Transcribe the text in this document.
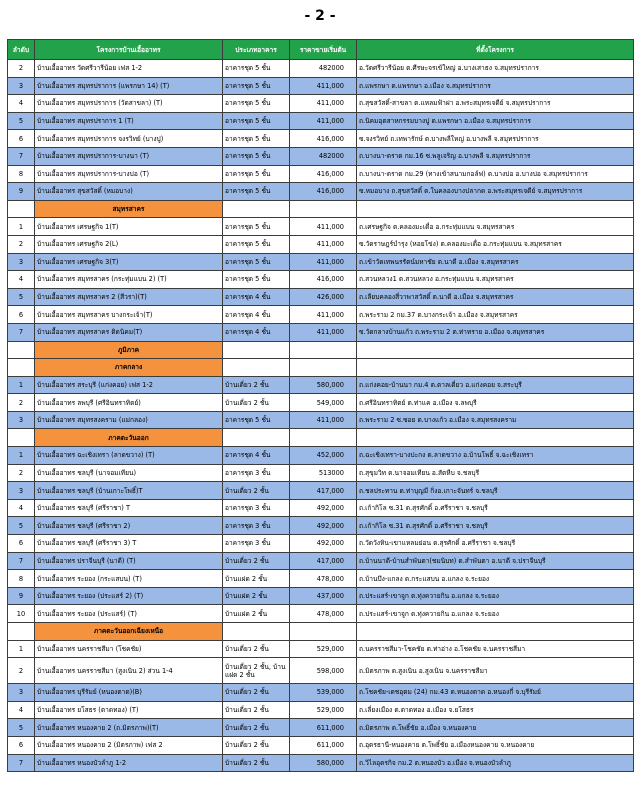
- 2 -
ลำดับ	โครงการบ้านเอื้ออาทร	ประเภทอาคาร	ราคาขายเริ่มต้น	ที่ตั้งโครงการ
2	บ้านเอื้ออาทร วัดศรีวารีน้อย เฟส 1-2	อาคารชุด 5 ชั้น	482000	อ.วัดศรีวารีน้อย ต.ศีรษะจรเข้ใหญ่ อ.บางเสาธง จ.สมุทรปราการ
3	บ้านเอื้ออาทร สมุทรปราการ (แพรกษา 14) (T)	อาคารชุด 5 ชั้น	411,000	ถ.แพรกษา ต.แพรกษา อ.เมือง จ.สมุทรปราการ
4	บ้านเอื้ออาทร สมุทรปราการ (วัดสาขลา) (T)	อาคารชุด 5 ชั้น	411,000	ถ.สุขสวัสดิ์-สาขลา ต.แหลมฟ้าผ่า อ.พระสมุทรเจดีย์ จ.สมุทรปราการ
5	บ้านเอื้ออาทร สมุทรปราการ 1 (T)	อาคารชุด 5 ชั้น	411,000	ถ.นิคมอุตสาหกรรมบางปู ต.แพรกษา อ.เมือง จ.สมุทรปราการ
6	บ้านเอื้ออาทร สมุทรปราการ จงรวิทย์ (บางปู)	อาคารชุด 5 ชั้น	416,000	ซ.จงรวิทย์ ถ.เทพารักษ์ ต.บางพลีใหญ่ อ.บางพลี จ.สมุทรปราการ
7	บ้านเอื้ออาทร สมุทรปราการ-บางนา (T)	อาคารชุด 5 ชั้น	482000	ถ.บางนา-ตราด กม.16 ซ.พลูเจริญ อ.บางพลี จ.สมุทรปราการ
8	บ้านเอื้ออาทร สมุทรปราการ-บางบ่อ (T)	อาคารชุด 5 ชั้น	416,000	ถ.บางนา-ตราด กม.29 (ทางเข้าสนามกอล์ฟ) ต.บางบ่อ อ.บางบ่อ จ.สมุทรปราการ
9	บ้านเอื้ออาทร สุขสวัสดิ์ (หมอบาง)	อาคารชุด 5 ชั้น	416,000	ซ.หมอบาง ถ.สุขสวัสดิ์ ต.ในคลองบางปลากด อ.พระสมุทรเจดีย์ จ.สมุทรปราการ
	สมุทรสาคร			
1	บ้านเอื้ออาทร เศรษฐกิจ 1(T)	อาคารชุด 5 ชั้น	411,000	ถ.เศรษฐกิจ ต.คลองมะเดื่อ อ.กระทุ่มแบน จ.สมุทรสาคร
2	บ้านเอื้ออาทร เศรษฐกิจ 2(L)	อาคารชุด 5 ชั้น	411,000	ซ.วัดราษฎร์บำรุง (หอยโข่ง) ต.คลองมะเดื่อ อ.กระทุ่มแบน จ.สมุทรสาคร
3	บ้านเอื้ออาทร เศรษฐกิจ 3(T)	อาคารชุด 5 ชั้น	411,000	ถ.เข้าวัดเทพนรรัตน์มหาชัย ต.นาดี อ.เมือง จ.สมุทรสาคร
4	บ้านเอื้ออาทร สมุทรสาคร (กระทุ่มแบน 2) (T)	อาคารชุด 5 ชั้น	416,000	ถ.สวนหลวง1 ต.สวนหลวง อ.กระทุ่มแบน จ.สมุทรสาคร
5	บ้านเอื้ออาทร สมุทรสาคร 2 (สีวรา)(T)	อาคารชุด 4 ชั้น	426,000	ถ.เลียบคลองสี่วาพาสวัสดิ์ ต.นาดี อ.เมือง จ.สมุทรสาคร
6	บ้านเอื้ออาทร สมุทรสาคร บางกระเจ้า(T)	อาคารชุด 4 ชั้น	411,000	ถ.พระราม 2 กม.37 ต.บางกระเจ้า อ.เมือง จ.สมุทรสาคร
7	บ้านเอื้ออาทร สมุทรสาคร ติดนิคม(T)	อาคารชุด 4 ชั้น	411,000	ซ.วัดกลางบ้านแก้ว ถ.พระราม 2 ต.ท่าทราย อ.เมือง จ.สมุทรสาคร
	ภูมิภาค			
	ภาคกลาง			
1	บ้านเอื้ออาทร สระบุรี (แก่งคอย) เฟส 1-2	บ้านเดี่ยว 2 ชั้น	580,000	ถ.แก่งคอย-บ้านนา กม.4 ต.ตาลเดี่ยว อ.แก่งคอย จ.สระบุรี
2	บ้านเอื้ออาทร ลพบุรี (ศรีอินทราทิตย์)	บ้านเดี่ยว 2 ชั้น	549,000	ถ.ศรีอินทราทิตย์ ต.ท่าแค อ.เมือง จ.ลพบุรี
3	บ้านเอื้ออาทร สมุทรสงคราม (แม่กลอง)	อาคารชุด 5 ชั้น	411,000	ถ.พระราม 2 ซ.ซอย ต.บางแก้ว อ.เมือง จ.สมุทรสงคราม
	ภาคตะวันออก			
1	บ้านเอื้ออาทร ฉะเชิงเทรา (ลาดขวาง) (T)	อาคารชุด 4 ชั้น	452,000	ถ.ฉะเชิงเทรา-บางปะกง ต.ลาดขวาง อ.บ้านโพธิ์ จ.ฉะเชิงเทรา
2	บ้านเอื้ออาทร ชลบุรี (นาจอมเทียน)	อาคารชุด 3 ชั้น	513000	ถ.สุขุมวิท ต.นาจอมเทียน อ.สัตหีบ จ.ชลบุรี
3	บ้านเอื้ออาทร ชลบุรี (บ้านเกาะโพธิ์)T	บ้านเดี่ยว 2 ชั้น	417,000	ถ.ชลประทาน ต.ท่าบุญมี กิ่งอ.เกาะจันทร์ จ.ชลบุรี
4	บ้านเอื้ออาทร ชลบุรี (ศรีราชา) T	อาคารชุด 3 ชั้น	492,000	ถ.เก้ากิโล ซ.31 ต.สุรศักดิ์ อ.ศรีราชา จ.ชลบุรี
5	บ้านเอื้ออาทร ชลบุรี (ศรีราชา 2)	อาคารชุด 3 ชั้น	492,000	ถ.เก้ากิโล ซ.31 ต.สุรศักดิ์ อ.ศรีราชา จ.ชลบุรี
6	บ้านเอื้ออาทร ชลบุรี (ศรีราชา 3) T	อาคารชุด 3 ชั้น	492,000	ถ.วัดวังหิน-เขาแหลมย่อน ต.สุรศักดิ์ อ.ศรีราชา จ.ชลบุรี
7	บ้านเอื้ออาทร ปราจีนบุรี (นาดี) (T)	บ้านเดี่ยว 2 ชั้น	417,000	ถ.บ้านนาดี-บ้านสำพันตา(ชมนิบท) ต.สำพันตา อ.นาดี จ.ปราจีนบุรี
8	บ้านเอื้ออาทร ระยอง (กระแสบน) (T)	บ้านแฝด 2 ชั้น	478,000	ถ.บ้านบึง-แกลง ต.กระแสบน อ.แกลง จ.ระยอง
9	บ้านเอื้ออาทร ระยอง (ประแสร์ 2) (T)	บ้านแฝด 2 ชั้น	437,000	ถ.ประแสร์-เขาจูก ต.ทุ่งควายกิน อ.แกลง จ.ระยอง
10	บ้านเอื้ออาทร ระยอง (ประแสร์) (T)	บ้านแฝด 2 ชั้น	478,000	ถ.ประแสร์-เขาจูก ต.ทุ่งควายกิน อ.แกลง จ.ระยอง
	ภาคตะวันออกเฉียงเหนือ			
1	บ้านเอื้ออาทร นครราชสีมา (โชคชัย)	บ้านเดี่ยว 2 ชั้น	529,000	ถ.นครราชสีมา-โชคชัย ต.ท่าอ่าง อ.โชคชัย จ.นครราชสีมา
2	บ้านเอื้ออาทร นครราชสีมา (สูงเนิน 2) ส่วน 1-4	บ้านเดี่ยว 2 ชั้น, บ้านแฝด 2 ชั้น	598,000	ถ.มิตรภาพ ต.สูงเนิน อ.สูงเนิน จ.นครราชสีมา
3	บ้านเอื้ออาทร บุรีรัมย์ (หนองตาด)(B)	บ้านเดี่ยว 2 ชั้น	539,000	ถ.โชคชัย-เดชอุดม (24) กม.43 ต.หนองตาด อ.หนองกี่ จ.บุรีรัมย์
4	บ้านเอื้ออาทร ยโสธร (ตาดทอง) (T)	บ้านเดี่ยว 2 ชั้น	529,000	ถ.เลี่ยงเมือง ต.ตาดทอง อ.เมือง จ.ยโสธร
5	บ้านเอื้ออาทร หนองคาย 2 (ถ.มิตรภาพ)(T)	บ้านเดี่ยว 2 ชั้น	611,000	ถ.มิตรภาพ ต.โพธิ์ชัย อ.เมือง จ.หนองคาย
6	บ้านเอื้ออาทร หนองคาย 2 (มิตรภาพ) เฟส 2	บ้านเดี่ยว 2 ชั้น	611,000	ถ.อุดรธานี-หนองคาย ต.โพธิ์ชัย อ.เมืองหนองคาย จ.หนองคาย
7	บ้านเอื้ออาทร หนองบัวลำภู 1-2	บ้านเดี่ยว 2 ชั้น	580,000	ถ.วิไลอุดรกิจ กม.2 ต.หนองบัว อ.เมือง จ.หนองบัวลำภู
